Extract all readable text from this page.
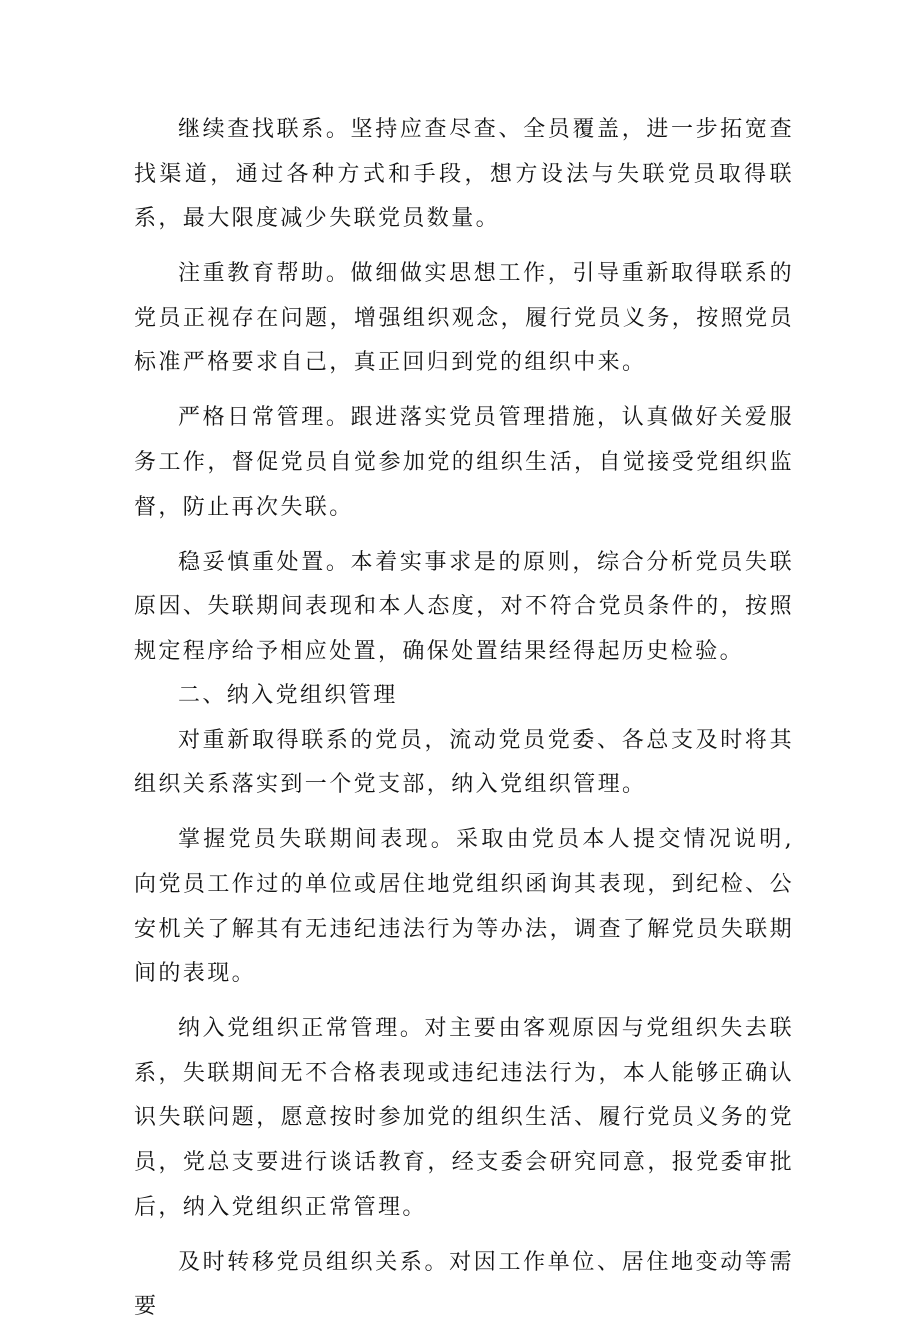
继续查找联系。坚持应查尽查、全员覆盖，进一步拓宽查找渠道，通过各种方式和手段，想方设法与失联党员取得联系，最大限度减少失联党员数量。

注重教育帮助。做细做实思想工作，引导重新取得联系的党员正视存在问题，增强组织观念，履行党员义务，按照党员标准严格要求自己，真正回归到党的组织中来。

严格日常管理。跟进落实党员管理措施，认真做好关爱服务工作，督促党员自觉参加党的组织生活，自觉接受党组织监督，防止再次失联。

稳妥慎重处置。本着实事求是的原则，综合分析党员失联原因、失联期间表现和本人态度，对不符合党员条件的，按照规定程序给予相应处置，确保处置结果经得起历史检验。

二、纳入党组织管理

对重新取得联系的党员，流动党员党委、各总支及时将其组织关系落实到一个党支部，纳入党组织管理。

掌握党员失联期间表现。采取由党员本人提交情况说明,向党员工作过的单位或居住地党组织函询其表现，到纪检、公安机关了解其有无违纪违法行为等办法，调查了解党员失联期间的表现。

纳入党组织正常管理。对主要由客观原因与党组织失去联系，失联期间无不合格表现或违纪违法行为，本人能够正确认识失联问题，愿意按时参加党的组织生活、履行党员义务的党员，党总支要进行谈话教育，经支委会研究同意，报党委审批后，纳入党组织正常管理。

及时转移党员组织关系。对因工作单位、居住地变动等需要
